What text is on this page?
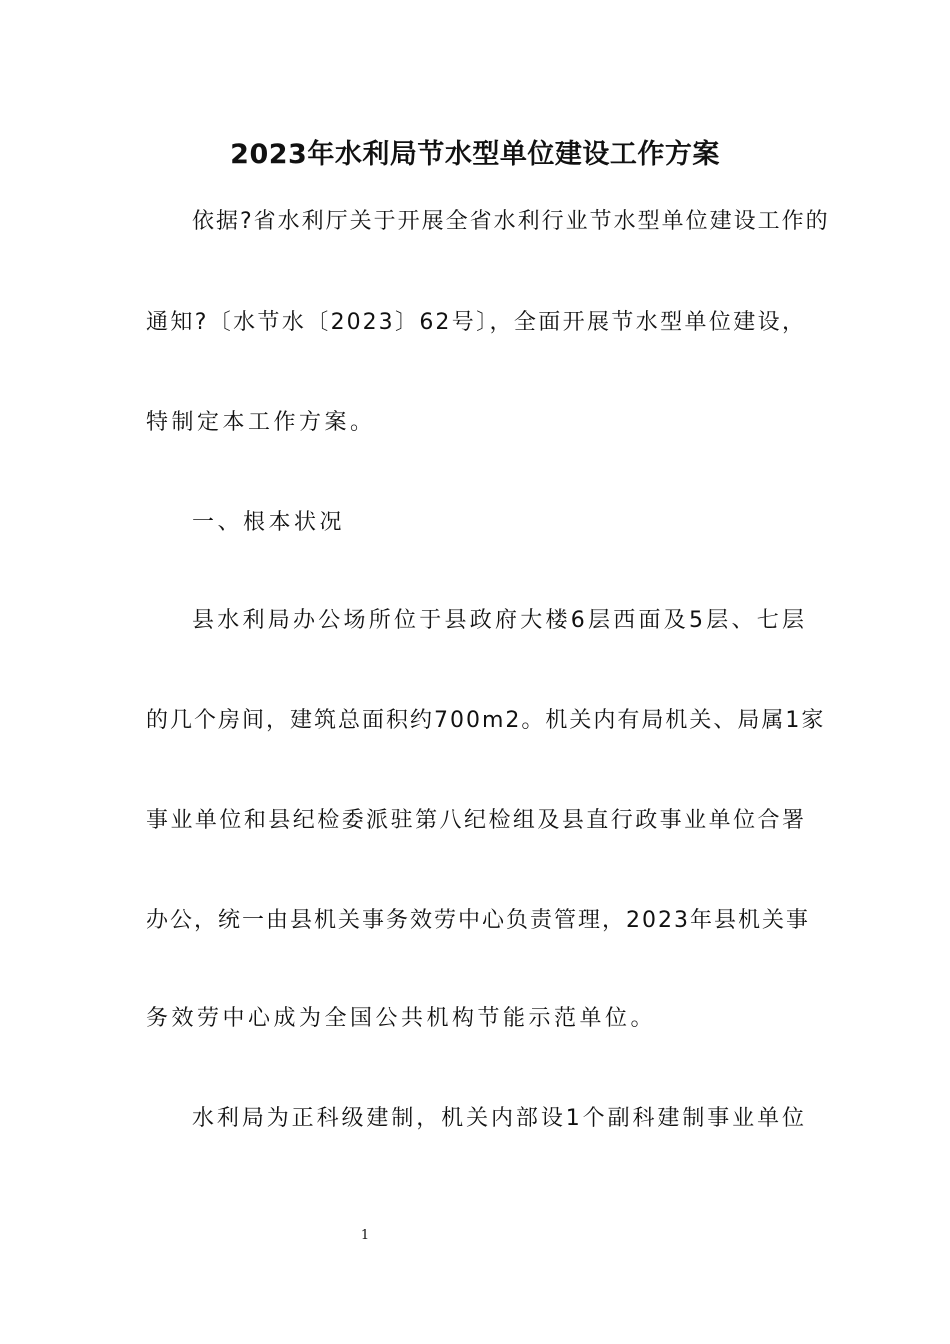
2023年水利局节水型单位建设工作方案
依据?省水利厅关于开展全省水利行业节水型单位建设工作的
通知?〔水节水〔2023〕62号〕，全面开展节水型单位建设，
特制定本工作方案。
一、根本状况
县水利局办公场所位于县政府大楼6层西面及5层、七层
的几个房间，建筑总面积约700m2。机关内有局机关、局属1家
事业单位和县纪检委派驻第八纪检组及县直行政事业单位合署
办公，统一由县机关事务效劳中心负责管理，2023年县机关事
务效劳中心成为全国公共机构节能示范单位。
水利局为正科级建制，机关内部设1个副科建制事业单位
1
